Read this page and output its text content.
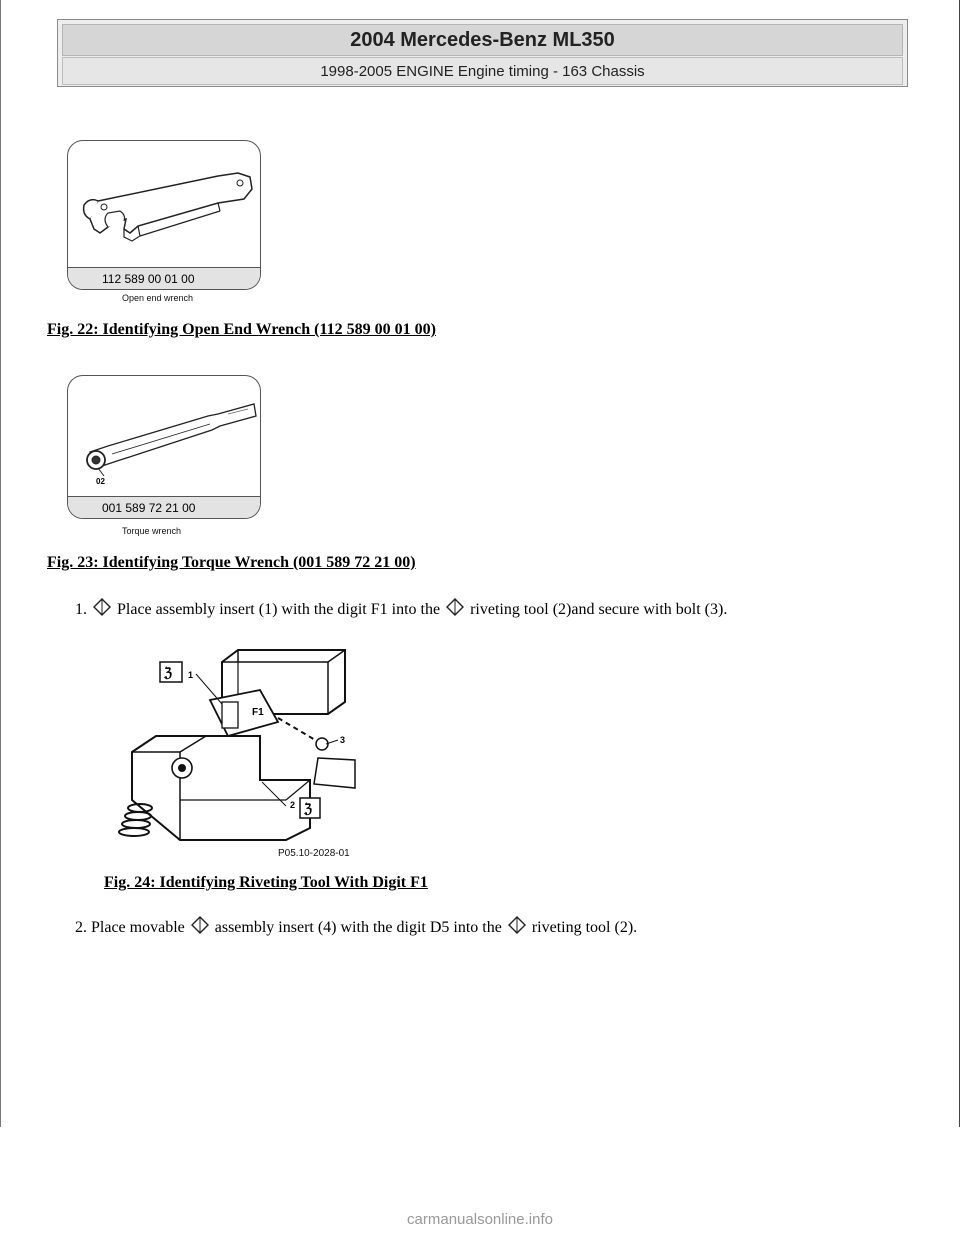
2004 Mercedes-Benz ML350
1998-2005 ENGINE Engine timing - 163 Chassis
112 589 00 01 00
Open end wrench
Fig. 22: Identifying Open End Wrench (112 589 00 01 00)
02
001 589 72 21 00
Torque wrench
Fig. 23: Identifying Torque Wrench (001 589 72 21 00)
1. Place assembly insert (1) with the digit F1 into the riveting tool (2)and secure with bolt (3).
F1
ℨ
ℨ
1
3
2
P05.10-2028-01
Fig. 24: Identifying Riveting Tool With Digit F1
2. Place movable assembly insert (4) with the digit D5 into the riveting tool (2).
carmanualsonline.info
